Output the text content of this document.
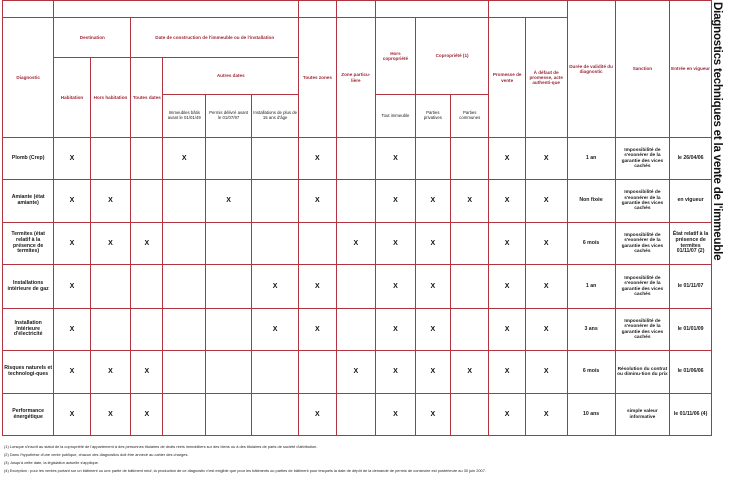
														Durée de validité du diagnostic	Sanction	Entrée en vigueur
Diagnostic	Destination		Date de construction de l'immeuble ou de l'installation				Toutes zones	Zone particu-lière	Hors copropriété	Copropriété (1)		Promesse de vente	À défaut de promesse, acte authenti-que			
	Habitation	Hors habitation	Toutes dates	Autres dates												
				Immeubles bâtis avant le 01/01/49	Permis délivré avant le 01/07/97	Installations de plus de 15 ans d'âge			Tout immeuble	Parties privatives	Parties communes					
Plomb (Crep)	X			X			X		X			X	X	1 an	Impossibilité de s'exonérer de la garantie des vices cachés	le 26/04/06
Amiante (état amiante)	X	X			X		X		X	X	X	X	X	Non fixée	Impossibilité de s'exonérer de la garantie des vices cachés	en vigueur
Termites (état relatif à la présence de termites)	X	X	X					X	X	X		X	X	6 mois	Impossibilité de s'exonérer de la garantie des vices cachés	État relatif à la présence de termites 01/11/07 (2)
Installations intérieure de gaz	X					X	X		X	X		X	X	1 an	Impossibilité de s'exonérer de la garantie des vices cachés	le 01/11/07
Installation intérieure d'électricité	X					X	X		X	X		X	X	3 ans	Impossibilité de s'exonérer de la garantie des vices cachés	le 01/01/09
Risques naturels et technologi-ques	X	X	X					X	X	X	X	X	X	6 mois	Résolution du contrat ou diminu-tion du prix	le 01/06/06
Performance énergétique	X	X	X				X		X	X		X	X	10 ans	simple valeur informative	le 01/11/06 (4)
(1) Lorsque s'inscrit au statut de la copropriété de l'appartement à des personnes titulaires de droits réels immobiliers sur des biens ou à des titulaires de parts de société d'attribution.
(2) Dans l'hypothèse d'une vente publique, chacun des diagnostics doit être annexé au cahier des charges.
(3) Jusqu'à cette date, la législation actuelle s'applique.
(4) Exception : pour les ventes portant sur un bâtiment ou une partie de bâtiment neuf, la production de ce diagnostic n'est exigible que pour les bâtiments ou parties de bâtiment pour lesquels la date de dépôt de la demande de permis de construire est postérieure au 30 juin 2007.
Diagnostics techniques et la vente de l'immeuble
